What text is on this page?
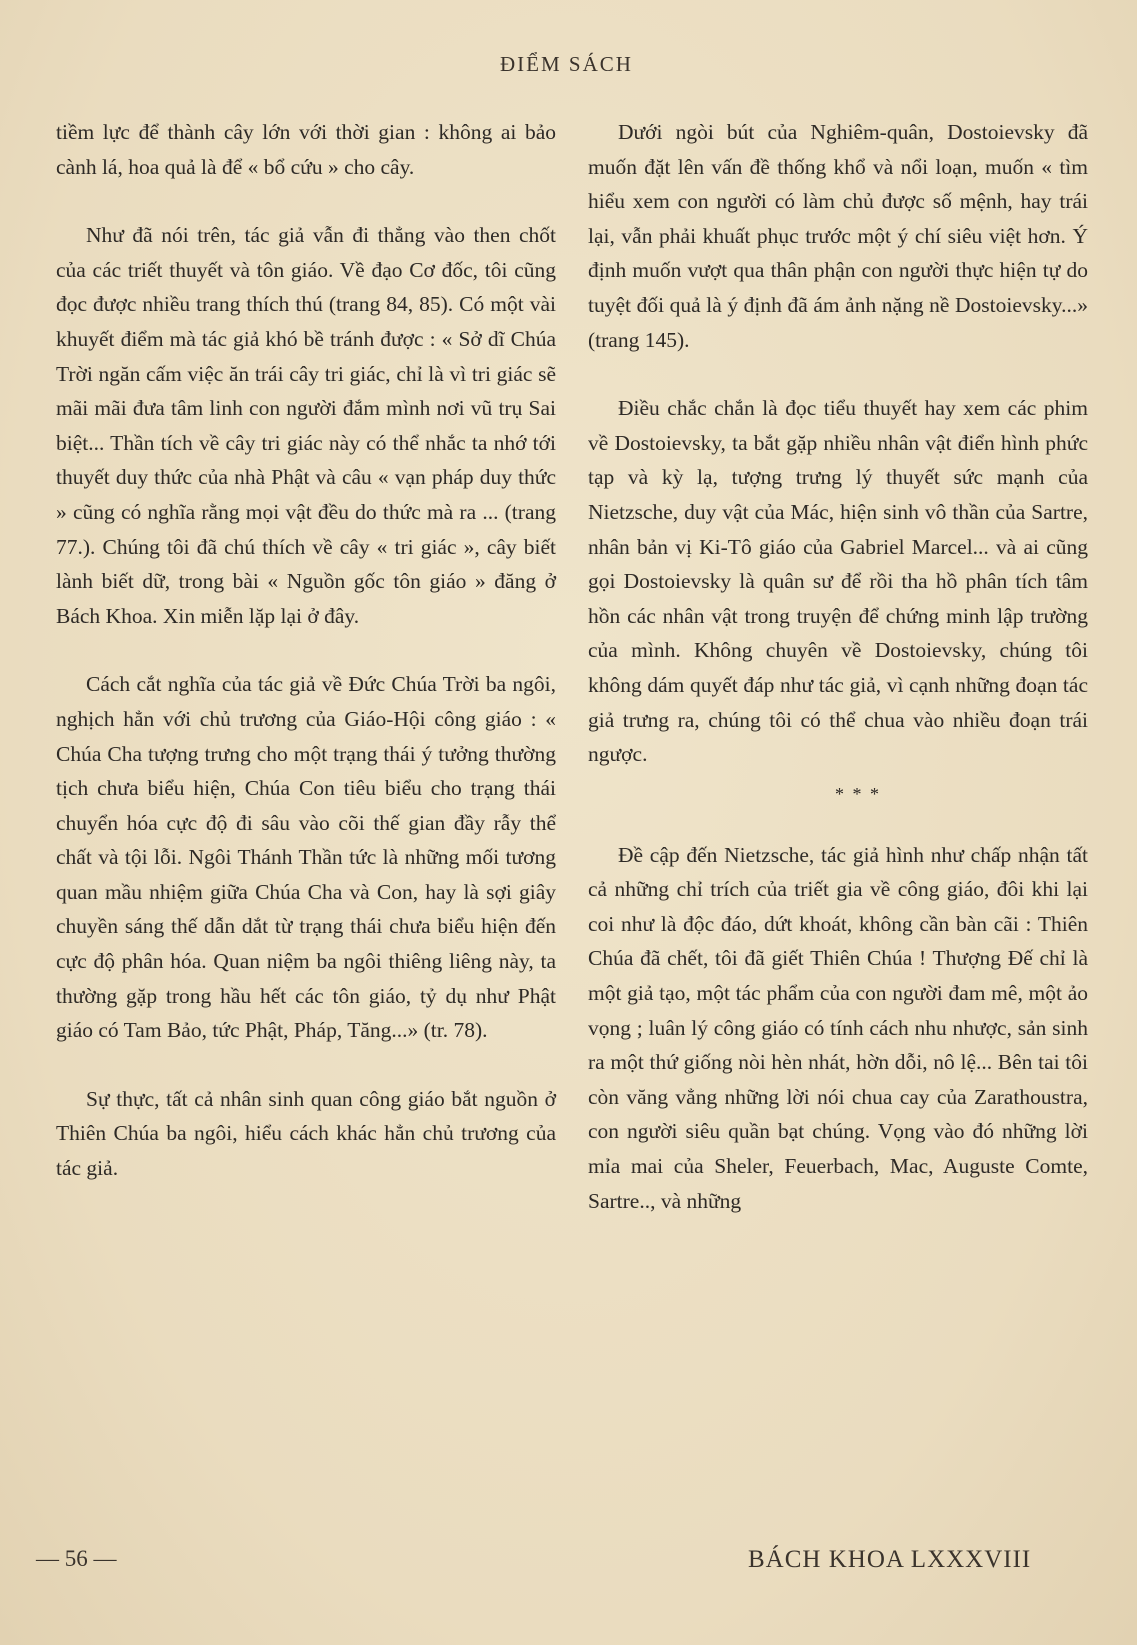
ĐIỂM SÁCH

tiềm lực để thành cây lớn với thời gian : không ai bảo cành lá, hoa quả là để « bổ cứu » cho cây.

Như đã nói trên, tác giả vẫn đi thẳng vào then chốt của các triết thuyết và tôn giáo. Về đạo Cơ đốc, tôi cũng đọc được nhiều trang thích thú (trang 84, 85). Có một vài khuyết điểm mà tác giả khó bề tránh được : « Sở dĩ Chúa Trời ngăn cấm việc ăn trái cây tri giác, chỉ là vì tri giác sẽ mãi mãi đưa tâm linh con người đắm mình nơi vũ trụ Sai biệt... Thần tích về cây tri giác này có thể nhắc ta nhớ tới thuyết duy thức của nhà Phật và câu « vạn pháp duy thức » cũng có nghĩa rằng mọi vật đều do thức mà ra ... (trang 77.). Chúng tôi đã chú thích về cây « tri giác », cây biết lành biết dữ, trong bài « Nguồn gốc tôn giáo » đăng ở Bách Khoa. Xin miễn lặp lại ở đây.

Cách cắt nghĩa của tác giả về Đức Chúa Trời ba ngôi, nghịch hẳn với chủ trương của Giáo-Hội công giáo : « Chúa Cha tượng trưng cho một trạng thái ý tưởng thường tịch chưa biểu hiện, Chúa Con tiêu biểu cho trạng thái chuyển hóa cực độ đi sâu vào cõi thế gian đầy rẫy thể chất và tội lỗi. Ngôi Thánh Thần tức là những mối tương quan mầu nhiệm giữa Chúa Cha và Con, hay là sợi giây chuyền sáng thế dẫn dắt từ trạng thái chưa biểu hiện đến cực độ phân hóa. Quan niệm ba ngôi thiêng liêng này, ta thường gặp trong hầu hết các tôn giáo, tỷ dụ như Phật giáo có Tam Bảo, tức Phật, Pháp, Tăng...» (tr. 78).

Sự thực, tất cả nhân sinh quan công giáo bắt nguồn ở Thiên Chúa ba ngôi, hiểu cách khác hẳn chủ trương của tác giả.

Dưới ngòi bút của Nghiêm-quân, Dostoievsky đã muốn đặt lên vấn đề thống khổ và nổi loạn, muốn « tìm hiểu xem con người có làm chủ được số mệnh, hay trái lại, vẫn phải khuất phục trước một ý chí siêu việt hơn. Ý định muốn vượt qua thân phận con người thực hiện tự do tuyệt đối quả là ý định đã ám ảnh nặng nề Dostoievsky...» (trang 145).

Điều chắc chắn là đọc tiểu thuyết hay xem các phim về Dostoievsky, ta bắt gặp nhiều nhân vật điển hình phức tạp và kỳ lạ, tượng trưng lý thuyết sức mạnh của Nietzsche, duy vật của Mác, hiện sinh vô thần của Sartre, nhân bản vị Ki-Tô giáo của Gabriel Marcel... và ai cũng gọi Dostoievsky là quân sư để rồi tha hồ phân tích tâm hồn các nhân vật trong truyện để chứng minh lập trường của mình. Không chuyên về Dostoievsky, chúng tôi không dám quyết đáp như tác giả, vì cạnh những đoạn tác giả trưng ra, chúng tôi có thể chua vào nhiều đoạn trái ngược.

* * *

Đề cập đến Nietzsche, tác giả hình như chấp nhận tất cả những chỉ trích của triết gia về công giáo, đôi khi lại coi như là độc đáo, dứt khoát, không cần bàn cãi : Thiên Chúa đã chết, tôi đã giết Thiên Chúa ! Thượng Đế chỉ là một giả tạo, một tác phẩm của con người đam mê, một ảo vọng ; luân lý công giáo có tính cách nhu nhược, sản sinh ra một thứ giống nòi hèn nhát, hờn dỗi, nô lệ... Bên tai tôi còn văng vẳng những lời nói chua cay của Zarathoustra, con người siêu quần bạt chúng. Vọng vào đó những lời mỉa mai của Sheler, Feuerbach, Mac, Auguste Comte, Sartre.., và những

— 56 —	BÁCH KHOA LXXXVIII
